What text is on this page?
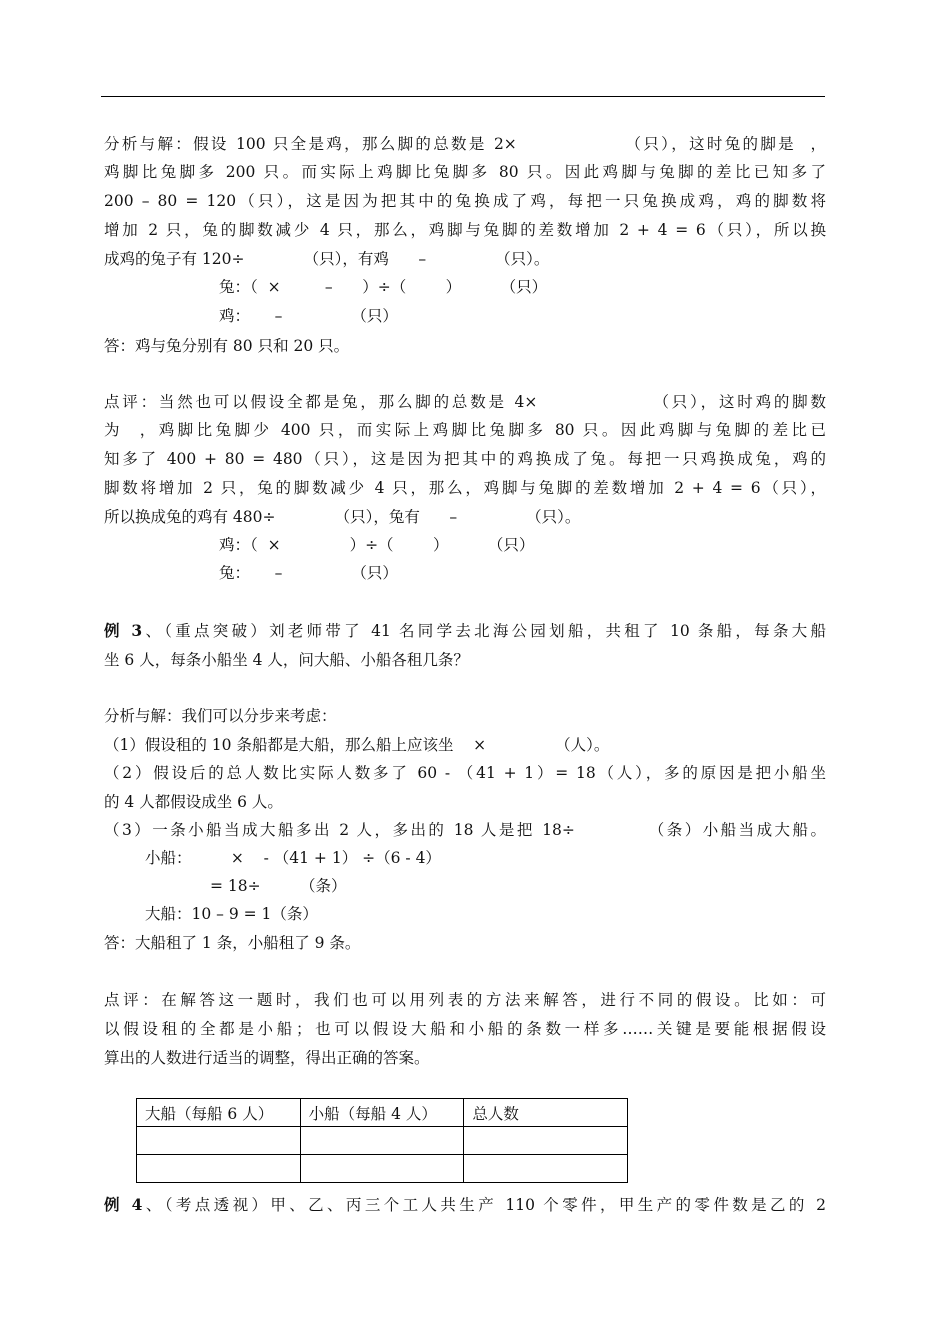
分析与解：假设 100 只全是鸡，那么脚的总数是 2×               （只），这时兔的脚是  ，
鸡脚比兔脚多 200 只。而实际上鸡脚比兔脚多 80 只。因此鸡脚与兔脚的差比已知多了
200 – 80 = 120（只），这是因为把其中的兔换成了鸡，每把一只兔换成鸡，鸡的脚数将
增加 2 只，兔的脚数减少 4 只，那么，鸡脚与兔脚的差数增加 2 + 4 = 6（只），所以换
成鸡的兔子有 120÷            （只），有鸡      –              （只）。
兔：（  ×         –      ）÷（        ）        （只）
鸡：     –              （只）
答：鸡与兔分别有 80 只和 20 只。
点评：当然也可以假设全都是兔，那么脚的总数是 4×               （只），这时鸡的脚数
为  ，鸡脚比兔脚少 400 只，而实际上鸡脚比兔脚多 80 只。因此鸡脚与兔脚的差比已
知多了 400 + 80 = 480（只），这是因为把其中的鸡换成了兔。每把一只鸡换成兔，鸡的
脚数将增加 2 只，兔的脚数减少 4 只，那么，鸡脚与兔脚的差数增加 2 + 4 = 6（只），
所以换成兔的鸡有 480÷            （只），兔有      –              （只）。
鸡：（  ×              ）÷（        ）        （只）
兔：     –              （只）
例 3、（重点突破）刘老师带了 41 名同学去北海公园划船，共租了 10 条船，每条大船
坐 6 人，每条小船坐 4 人，问大船、小船各租几条？
分析与解：我们可以分步来考虑：
（1）假设租的 10 条船都是大船，那么船上应该坐    ×              （人）。
（2）假设后的总人数比实际人数多了 60 - （41 + 1）= 18（人），多的原因是把小船坐
的 4 人都假设成坐 6 人。
（3）一条小船当成大船多出 2 人，多出的 18 人是把 18÷          （条）小船当成大船。
小船：        ×    - （41 + 1） ÷（6 - 4）
= 18÷        （条）
大船：10 – 9 = 1（条）
答：大船租了 1 条，小船租了 9 条。
点评：在解答这一题时，我们也可以用列表的方法来解答，进行不同的假设。比如：可
以假设租的全都是小船；也可以假设大船和小船的条数一样多……关键是要能根据假设
算出的人数进行适当的调整，得出正确的答案。
大船（每船 6 人）	小船（每船 4 人）	总人数

例 4、（考点透视）甲、乙、丙三个工人共生产 110 个零件，甲生产的零件数是乙的 2
